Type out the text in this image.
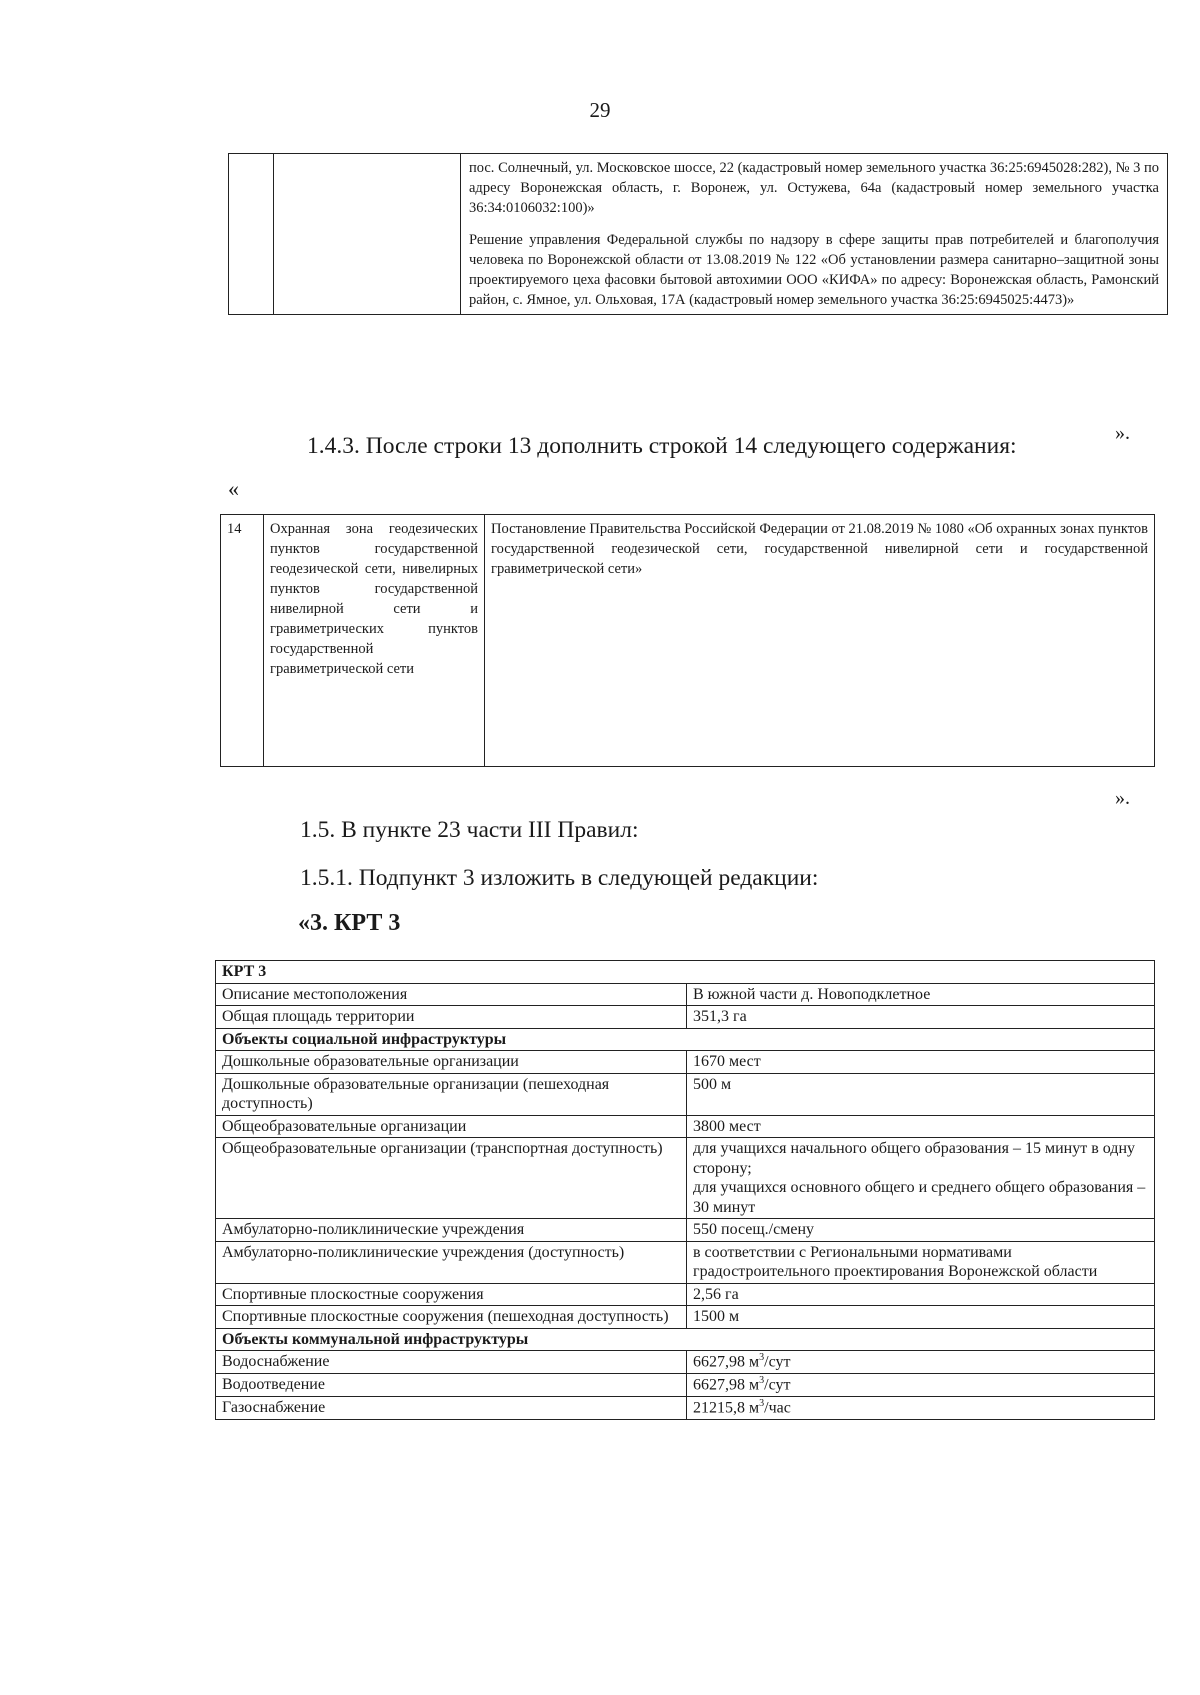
29

пос. Солнечный, ул. Московское шоссе, 22 (кадастровый номер земельного участка 36:25:6945028:282), № 3 по адресу Воронежская область, г. Воронеж, ул. Остужева, 64а (кадастровый номер земельного участка 36:34:0106032:100)»

Решение управления Федеральной службы по надзору в сфере защиты прав потребителей и благополучия человека по Воронежской области от 13.08.2019 № 122 «Об установлении размера санитарно–защитной зоны проектируемого цеха фасовки бытовой автохимии ООО «КИФА» по адресу: Воронежская область, Рамонский район, с. Ямное, ул. Ольховая, 17А (кадастровый номер земельного участка 36:25:6945025:4473)»

».
1.4.3. После строки 13 дополнить строкой 14 следующего содержания:
«
14	Охранная зона геодезических пунктов государственной геодезической сети, нивелирных пунктов государственной нивелирной сети и гравиметрических пунктов государственной гравиметрической сети	Постановление Правительства Российской Федерации от 21.08.2019 № 1080 «Об охранных зонах пунктов государственной геодезической сети, государственной нивелирной сети и государственной гравиметрической сети»
».
1.5. В пункте 23 части III Правил:
1.5.1. Подпункт 3 изложить в следующей редакции:
«3. КРТ 3
КРТ 3	
Описание местоположения	В южной части д. Новоподклетное
Общая площадь территории	351,3 га
Объекты социальной инфраструктуры	
Дошкольные образовательные организации	1670 мест
Дошкольные образовательные организации (пешеходная доступность)	500 м
Общеобразовательные организации	3800 мест
Общеобразовательные организации (транспортная доступность)	для учащихся начального общего образования – 15 минут в одну сторону;
для учащихся основного общего и среднего общего образования – 30 минут
Амбулаторно-поликлинические учреждения	550 посещ./смену
Амбулаторно-поликлинические учреждения (доступность)	в соответствии с Региональными нормативами градостроительного проектирования Воронежской области
Спортивные плоскостные сооружения	2,56 га
Спортивные плоскостные сооружения (пешеходная доступность)	1500 м
Объекты коммунальной инфраструктуры	
Водоснабжение	6627,98 $м^3$/сут
Водоотведение	6627,98 $м^3$/сут
Газоснабжение	21215,8 $м^3$/час
